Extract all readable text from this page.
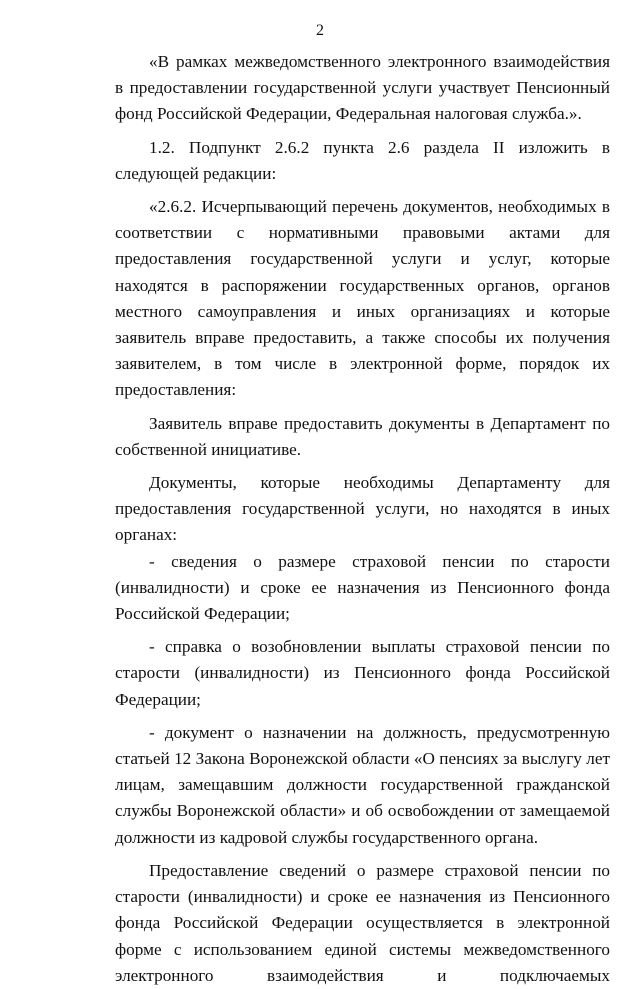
2

«В рамках межведомственного электронного взаимодействия в предоставлении государственной услуги участвует Пенсионный фонд Российской Федерации, Федеральная налоговая служба.».

1.2. Подпункт 2.6.2 пункта 2.6 раздела II изложить в следующей редакции:

«2.6.2. Исчерпывающий перечень документов, необходимых в соответствии с нормативными правовыми актами для предоставления государственной услуги и услуг, которые находятся в распоряжении государственных органов, органов местного самоуправления и иных организациях и которые заявитель вправе предоставить, а также способы их получения заявителем, в том числе в электронной форме, порядок их предоставления:

Заявитель вправе предоставить документы в Департамент по собственной инициативе.

Документы, которые необходимы Департаменту для предоставления государственной услуги, но находятся в иных органах:

- сведения о размере страховой пенсии по старости (инвалидности) и сроке ее назначения из Пенсионного фонда Российской Федерации;

- справка о возобновлении выплаты страховой пенсии по старости (инвалидности) из Пенсионного фонда Российской Федерации;

- документ о назначении на должность, предусмотренную статьей 12 Закона Воронежской области «О пенсиях за выслугу лет лицам, замещавшим должности государственной гражданской службы Воронежской области» и об освобождении от замещаемой должности из кадровой службы государственного органа.

Предоставление сведений о размере страховой пенсии по старости (инвалидности) и сроке ее назначения из Пенсионного фонда Российской Федерации осуществляется в электронной форме с использованием единой системы межведомственного электронного взаимодействия и подключаемых
